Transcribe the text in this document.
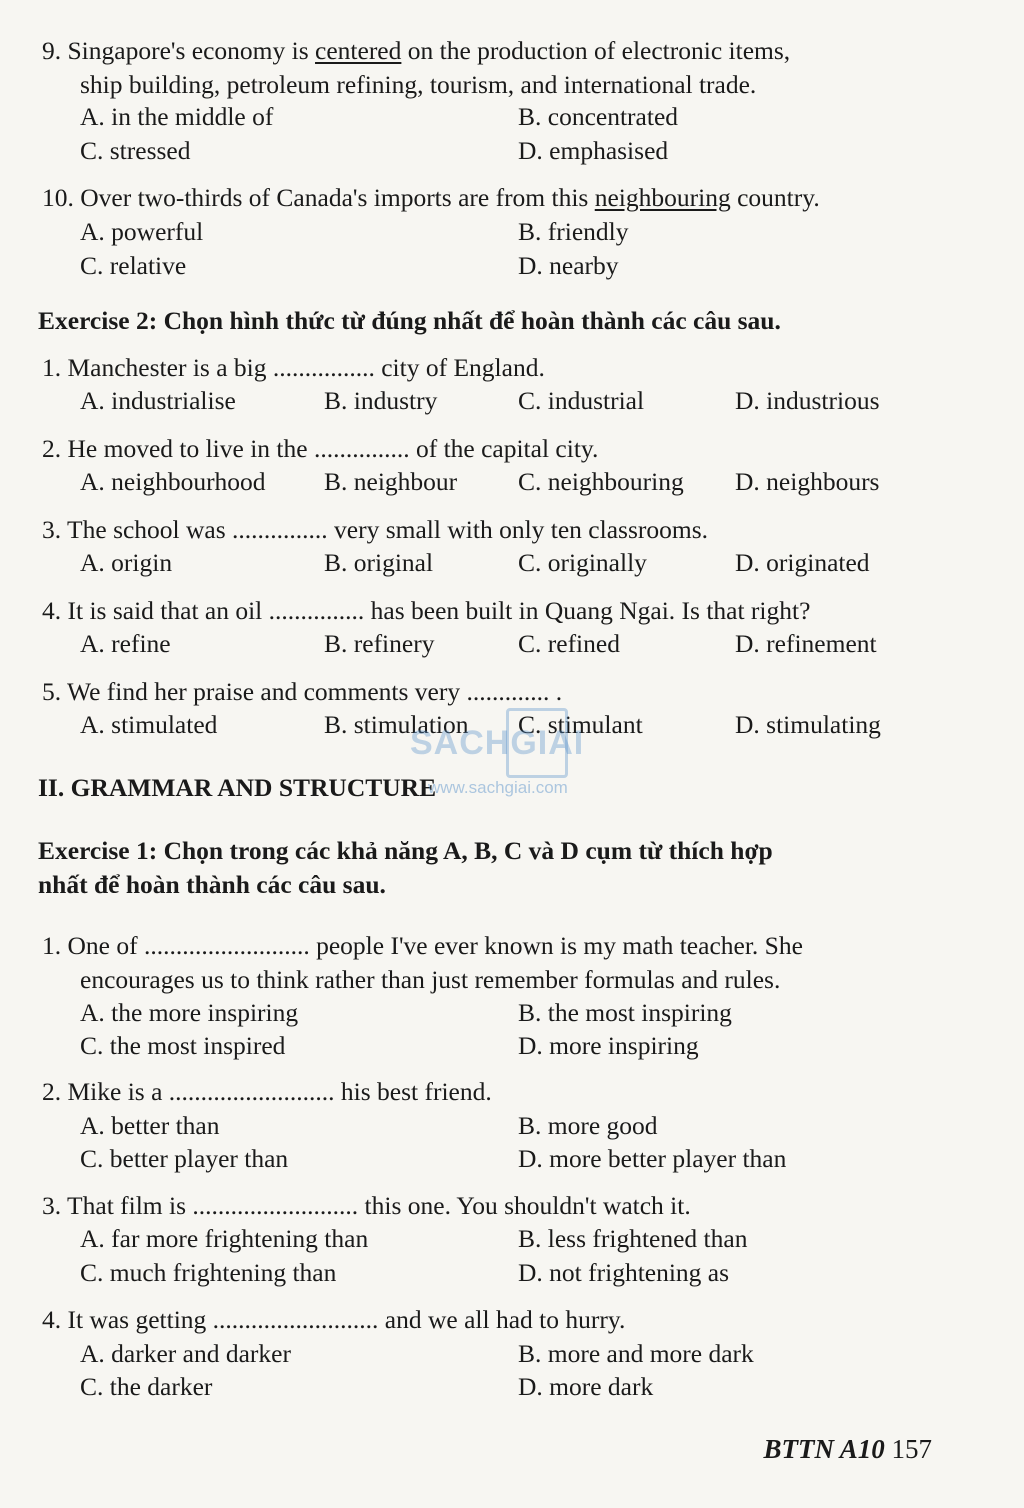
9. Singapore's economy is centered on the production of electronic items,
ship building, petroleum refining, tourism, and international trade.
A. in the middle of	B. concentrated
C. stressed	D. emphasised
10. Over two-thirds of Canada's imports are from this neighbouring country.
A. powerful	B. friendly
C. relative	D. nearby
Exercise 2: Chọn hình thức từ đúng nhất để hoàn thành các câu sau.
1. Manchester is a big ................ city of England.
A. industrialise	B. industry	C. industrial	D. industrious
2. He moved to live in the ............... of the capital city.
A. neighbourhood B. neighbour C. neighbouring D. neighbours
3. The school was ............... very small with only ten classrooms.
A. origin	B. original	C. originally	D. originated
4. It is said that an oil ............... has been built in Quang Ngai. Is that right?
A. refine	B. refinery	C. refined	D. refinement
5. We find her praise and comments very ............. .
A. stimulated	B. stimulation C. stimulant	D. stimulating
II. GRAMMAR AND STRUCTURE
Exercise 1: Chọn trong các khả năng A, B, C và D cụm từ thích hợp
nhất để hoàn thành các câu sau.
1. One of .......................... people I've ever known is my math teacher. She
encourages us to think rather than just remember formulas and rules.
A. the more inspiring	B. the most inspiring
C. the most inspired	D. more inspiring
2. Mike is a .......................... his best friend.
A. better than	B. more good
C. better player than	D. more better player than
3. That film is .......................... this one. You shouldn't watch it.
A. far more frightening than	B. less frightened than
C. much frightening than	D. not frightening as
4. It was getting .......................... and we all had to hurry.
A. darker and darker	B. more and more dark
C. the darker	D. more dark
SACHGIAI
www.sachgiai.com
BTTN A10 157
